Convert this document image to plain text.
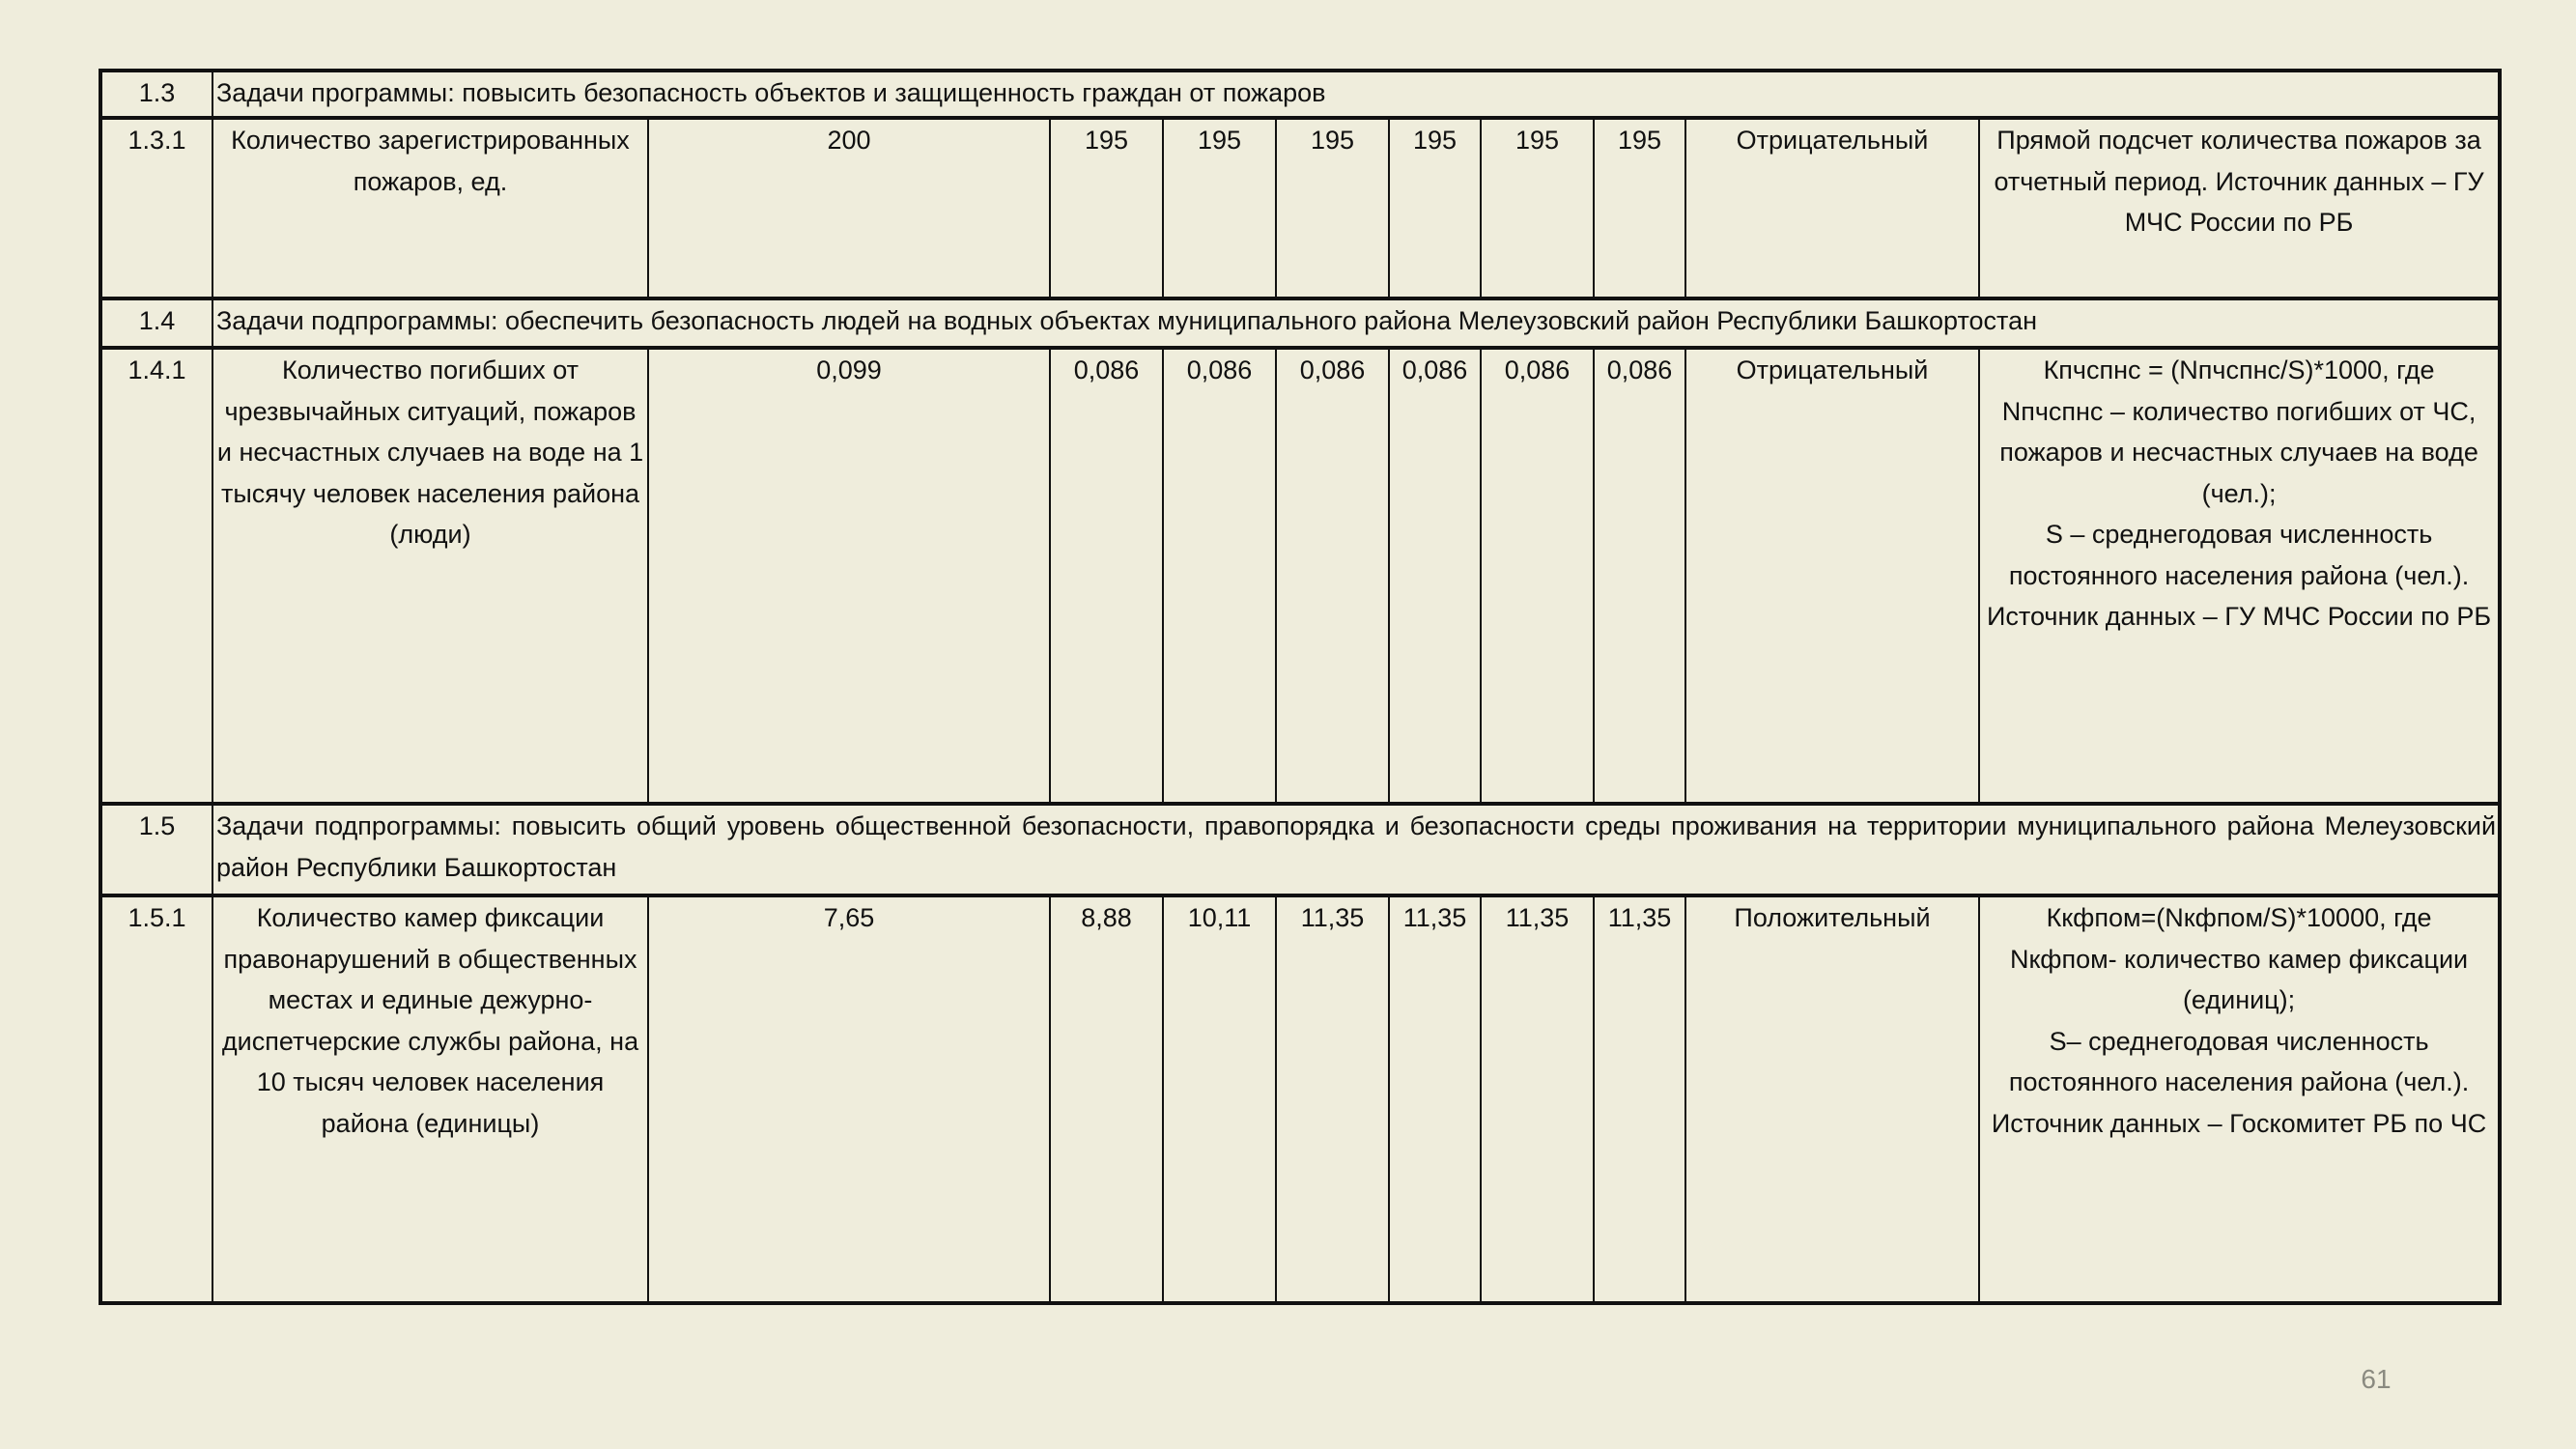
1.3	Задачи программы: повысить безопасность объектов и защищенность граждан от пожаров									
1.3.1	Количество зарегистрированных пожаров, ед.	200	195	195	195	195	195	195	Отрицательный	Прямой подсчет количества пожаров за отчетный период. Источник данных – ГУ МЧС России по РБ
1.4	Задачи подпрограммы: обеспечить безопасность людей на водных объектах муниципального района Мелеузовский район Республики Башкортостан									
1.4.1	Количество погибших от чрезвычайных ситуаций, пожаров и несчастных случаев на воде на 1 тысячу человек населения района (люди)	0,099	0,086	0,086	0,086	0,086	0,086	0,086	Отрицательный	Кпчспнс = (Nпчспнс/S)*1000, где
Nпчспнс – количество погибших от ЧС, пожаров и несчастных случаев на воде (чел.);
S – среднегодовая численность постоянного населения района (чел.).
Источник данных – ГУ МЧС России по РБ

1.5	Задачи подпрограммы: повысить общий уровень общественной безопасности, правопорядка и безопасности среды проживания на территории муниципального района Мелеузовский район Республики Башкортостан									
1.5.1	Количество камер фиксации правонарушений в общественных местах и единые дежурно-диспетчерские службы района, на 10 тысяч человек населения района (единицы)	7,65	8,88	10,11	11,35	11,35	11,35	11,35	Положительный	Ккфпом=(Nкфпом/S)*10000, где
Nкфпом- количество камер фиксации (единиц);
S– среднегодовая численность постоянного населения района (чел.).
Источник данных – Госкомитет РБ по ЧС
61
